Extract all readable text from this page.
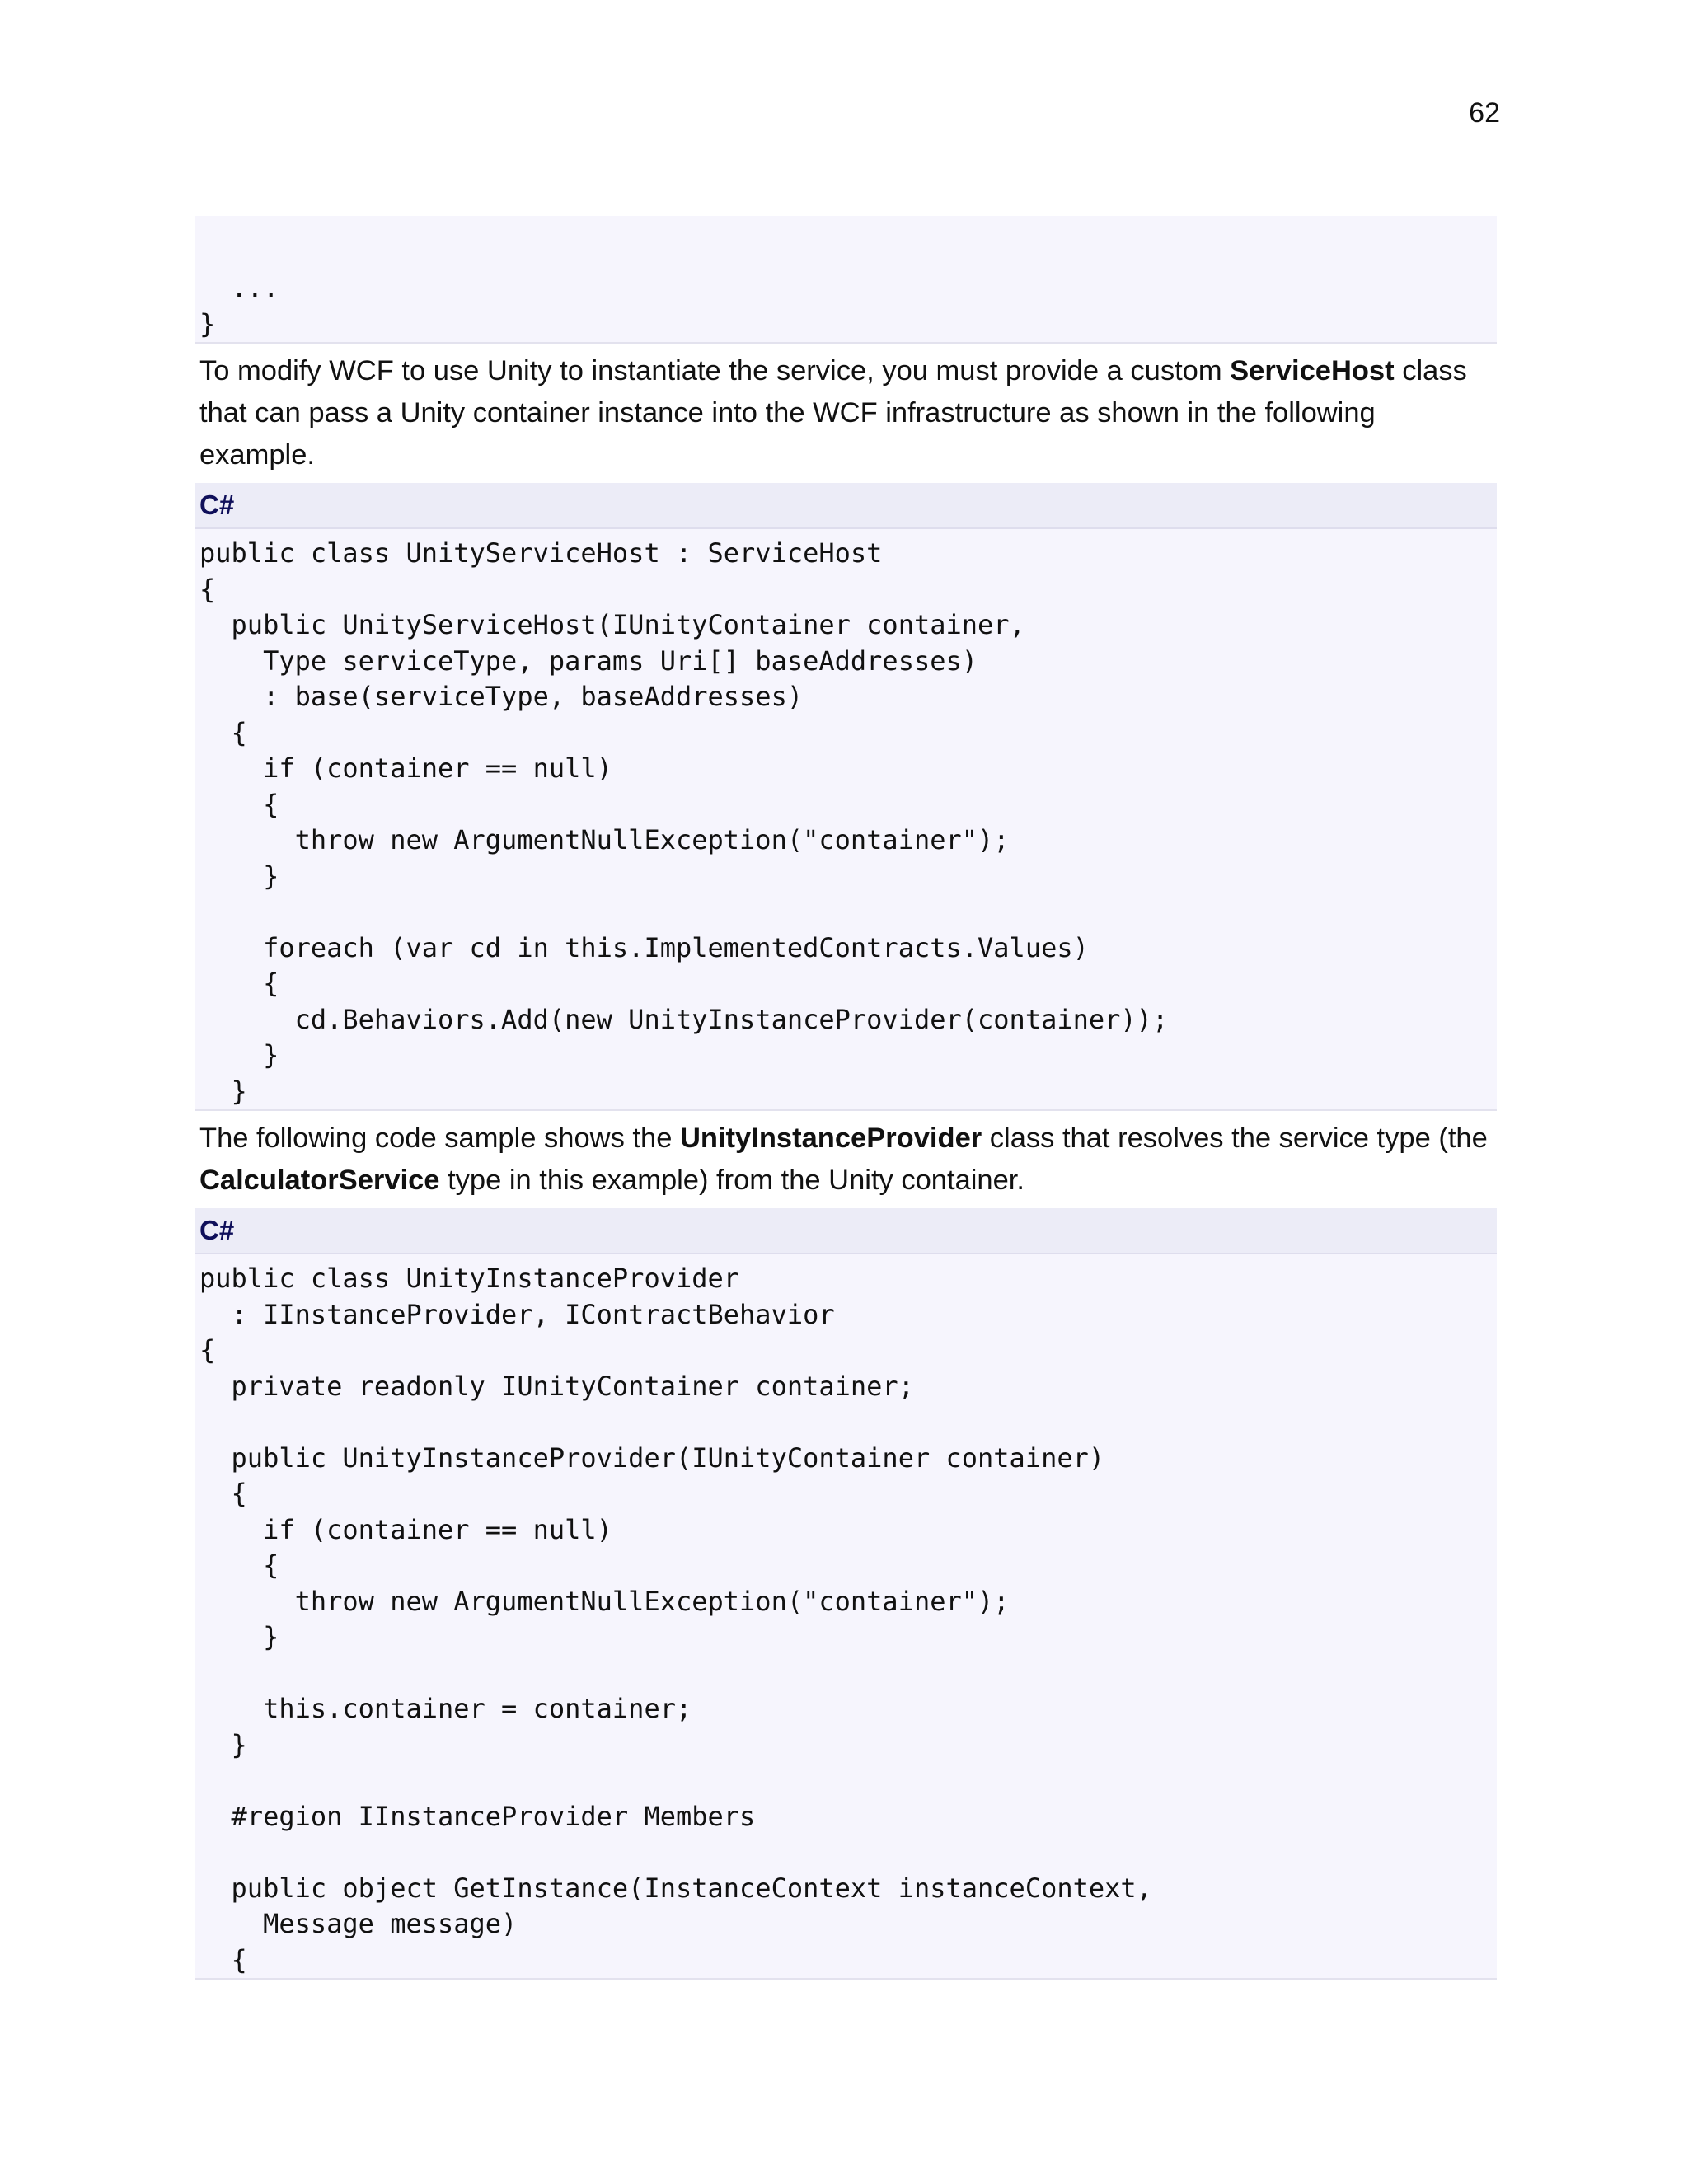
62
...
}

To modify WCF to use Unity to instantiate the service, you must provide a custom ServiceHost class that can pass a Unity container instance into the WCF infrastructure as shown in the following example.

C#
public class UnityServiceHost : ServiceHost
{
public UnityServiceHost(IUnityContainer container,
Type serviceType, params Uri[] baseAddresses)
: base(serviceType, baseAddresses)
{
if (container == null)
{
throw new ArgumentNullException("container");
}

foreach (var cd in this.ImplementedContracts.Values)
{
cd.Behaviors.Add(new UnityInstanceProvider(container));
}
}

The following code sample shows the UnityInstanceProvider class that resolves the service type (the CalculatorService type in this example) from the Unity container.

C#
public class UnityInstanceProvider
: IInstanceProvider, IContractBehavior
{
private readonly IUnityContainer container;

public UnityInstanceProvider(IUnityContainer container)
{
if (container == null)
{
throw new ArgumentNullException("container");
}

this.container = container;
}

#region IInstanceProvider Members

public object GetInstance(InstanceContext instanceContext,
Message message)
{
